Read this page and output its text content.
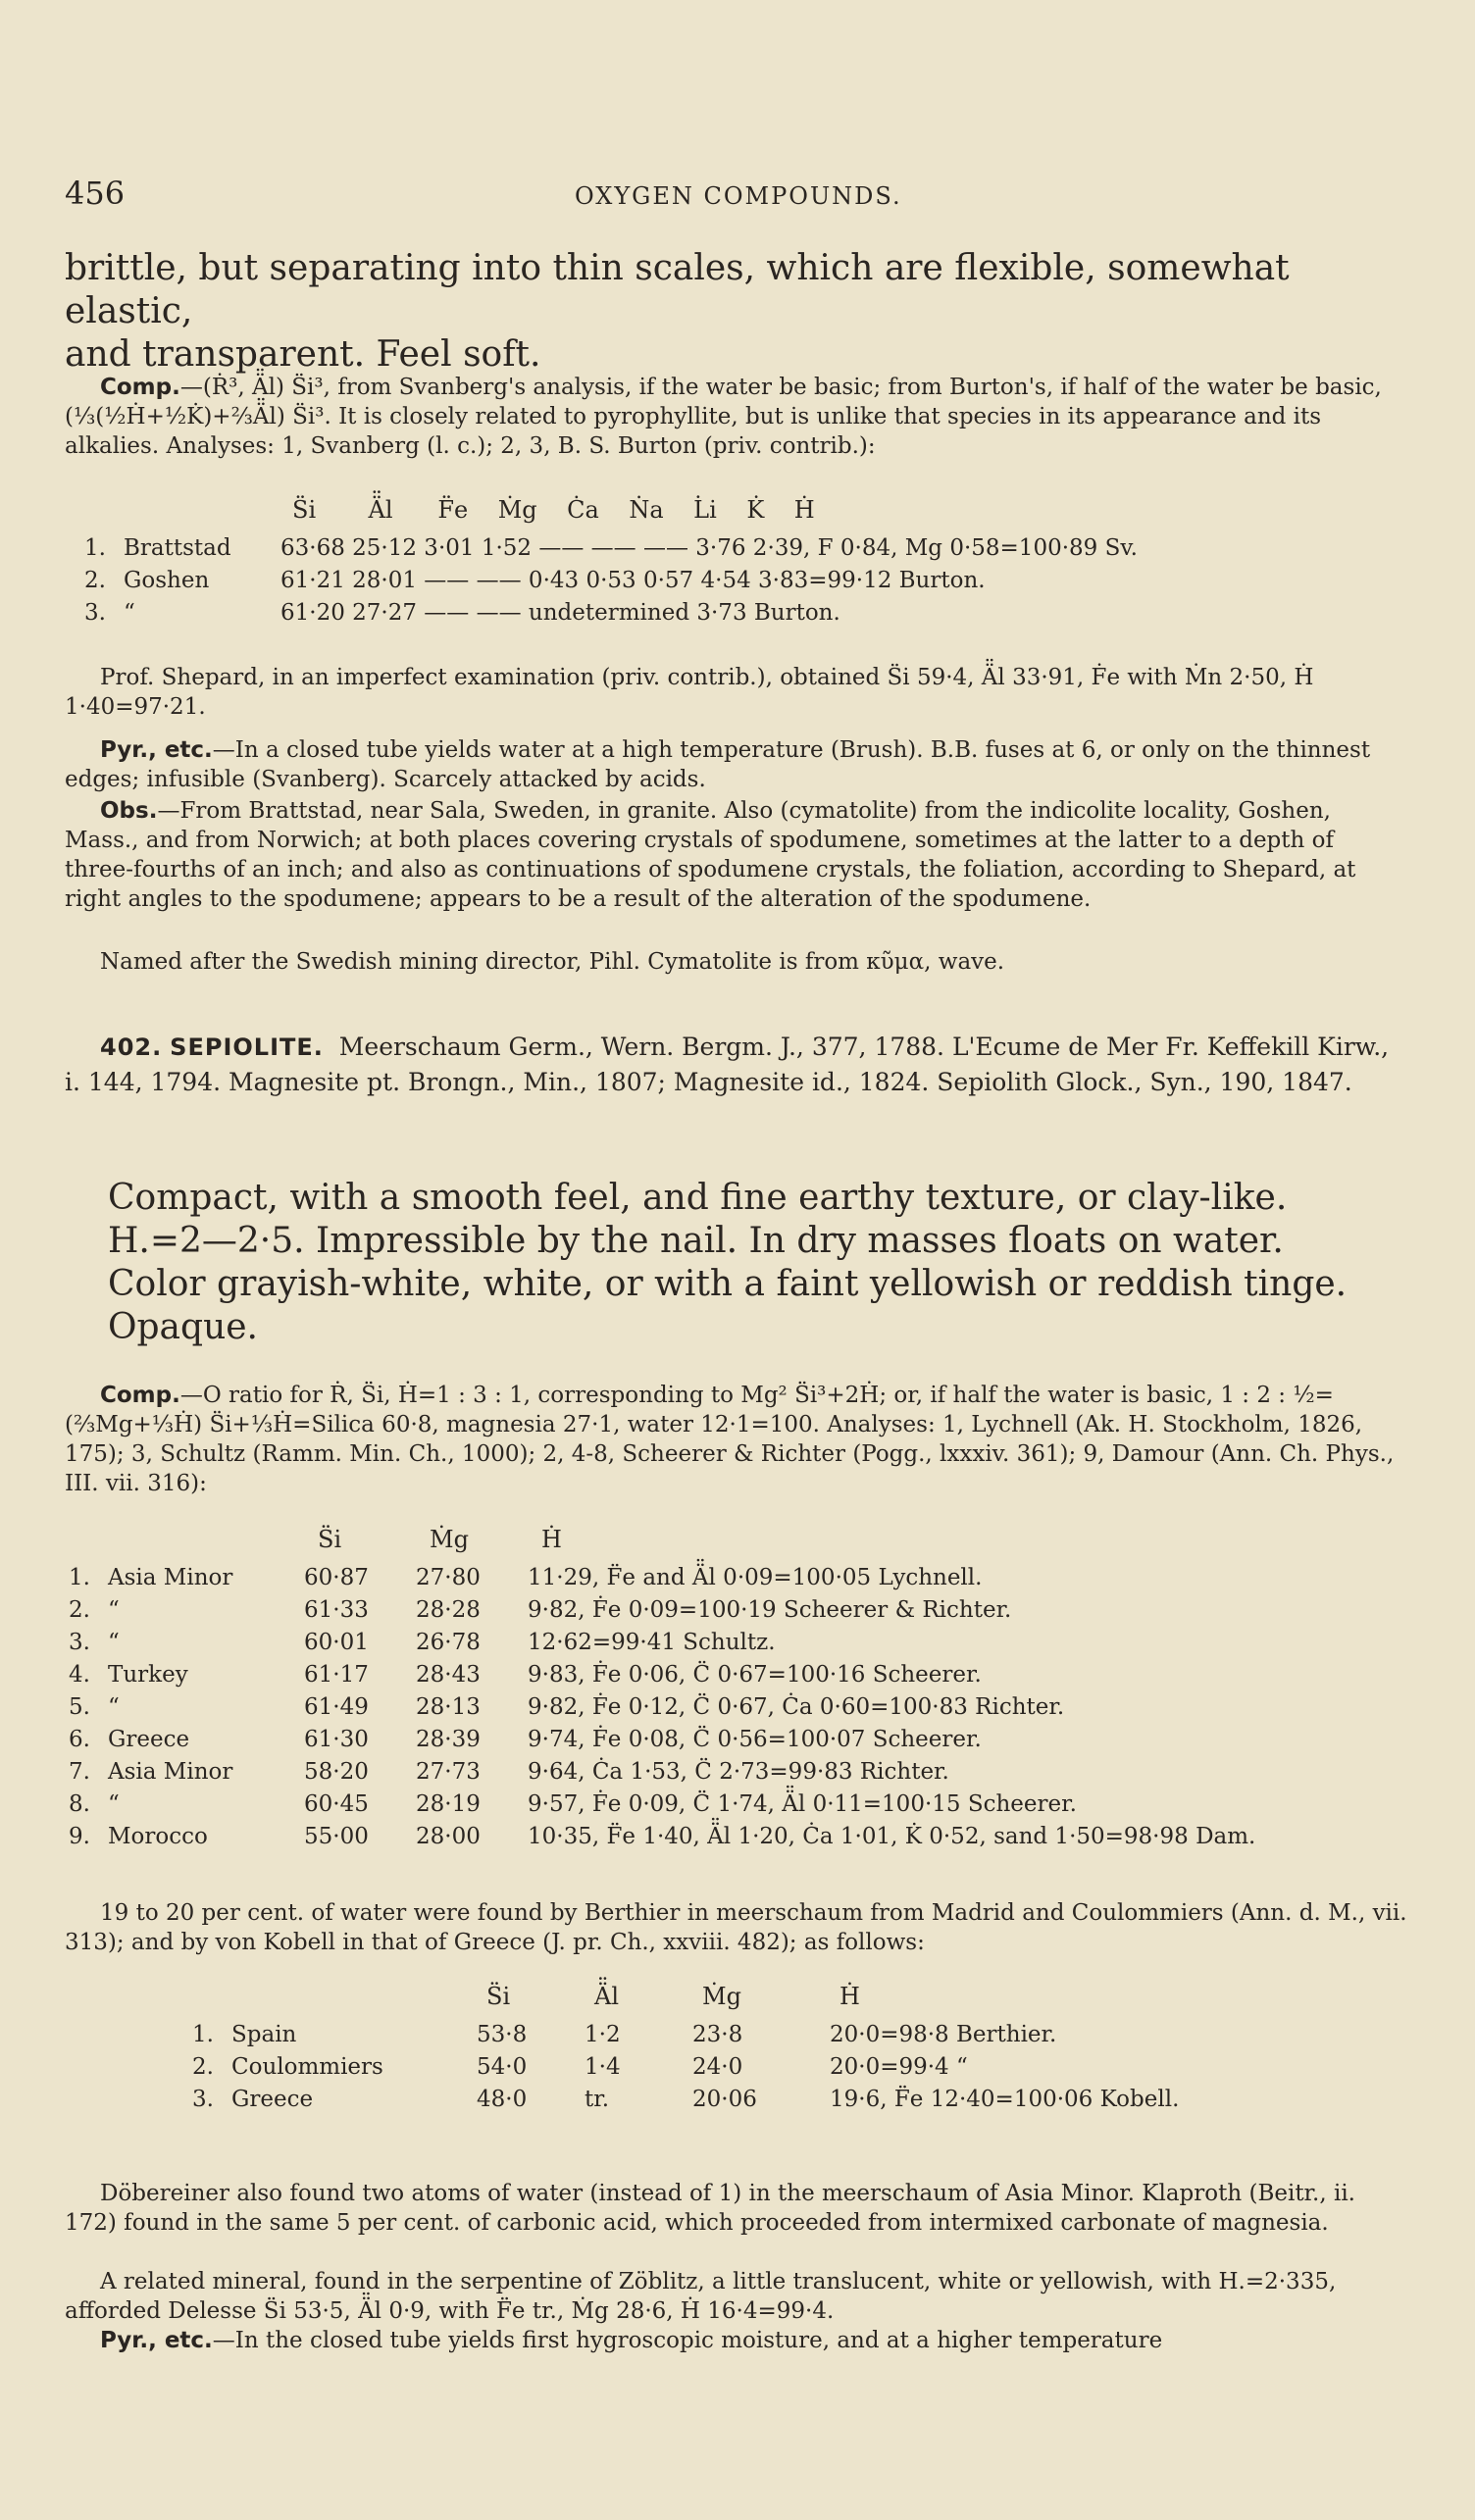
456	OXYGEN COMPOUNDS.
brittle, but separating into thin scales, which are flexible, somewhat elastic,
and transparent. Feel soft.

Comp.—(Ṙ³, Ä̈l) S̈i³, from Svanberg's analysis, if the water be basic; from Burton's, if half of the water be basic, (⅓(½Ḣ+½K̇)+⅔Ä̈l) S̈i³. It is closely related to pyrophyllite, but is unlike that species in its appearance and its alkalies. Analyses: 1, Svanberg (l. c.); 2, 3, B. S. Burton (priv. contrib.):

		S̈i Ä̈l F̈e Ṁg Ċa Ṅa L̇i K̇ Ḣ
1.	Brattstad	63·68 25·12 3·01 1·52 —— —— —— 3·76 2·39, F 0·84, Mg 0·58=100·89 Sv.
2.	Goshen	61·21 28·01 —— —— 0·43 0·53 0·57 4·54 3·83=99·12 Burton.
3.	“	61·20 27·27 —— —— undetermined 3·73 Burton.

Prof. Shepard, in an imperfect examination (priv. contrib.), obtained S̈i 59·4, Ä̈l 33·91, Ḟe with Ṁn 2·50, Ḣ 1·40=97·21.

Pyr., etc.—In a closed tube yields water at a high temperature (Brush). B.B. fuses at 6, or only on the thinnest edges; infusible (Svanberg). Scarcely attacked by acids.

Obs.—From Brattstad, near Sala, Sweden, in granite. Also (cymatolite) from the indicolite locality, Goshen, Mass., and from Norwich; at both places covering crystals of spodumene, sometimes at the latter to a depth of three-fourths of an inch; and also as continuations of spodumene crystals, the foliation, according to Shepard, at right angles to the spodumene; appears to be a result of the alteration of the spodumene.

Named after the Swedish mining director, Pihl. Cymatolite is from κῦμα, wave.

402. SEPIOLITE. Meerschaum Germ., Wern. Bergm. J., 377, 1788. L'Ecume de Mer Fr. Keffekill Kirw., i. 144, 1794. Magnesite pt. Brongn., Min., 1807; Magnesite id., 1824. Sepiolith Glock., Syn., 190, 1847.

Compact, with a smooth feel, and fine earthy texture, or clay-like.
H.=2—2·5. Impressible by the nail. In dry masses floats on water.
Color grayish-white, white, or with a faint yellowish or reddish tinge.
Opaque.

Comp.—O ratio for Ṙ, S̈i, Ḣ=1 : 3 : 1, corresponding to Mg² S̈i³+2Ḣ; or, if half the water is basic, 1 : 2 : ½=(⅔Mg+⅓Ḣ) S̈i+⅓Ḣ=Silica 60·8, magnesia 27·1, water 12·1=100. Analyses: 1, Lychnell (Ak. H. Stockholm, 1826, 175); 3, Schultz (Ramm. Min. Ch., 1000); 2, 4-8, Scheerer & Richter (Pogg., lxxxiv. 361); 9, Damour (Ann. Ch. Phys., III. vii. 316):

		S̈i	Ṁg	Ḣ
1.	Asia Minor	60·87	27·80	11·29, F̈e and Ä̈l 0·09=100·05 Lychnell.
2.	“	61·33	28·28	9·82, Ḟe 0·09=100·19 Scheerer & Richter.
3.	“	60·01	26·78	12·62=99·41 Schultz.
4.	Turkey	61·17	28·43	9·83, Ḟe 0·06, C̈ 0·67=100·16 Scheerer.
5.	“	61·49	28·13	9·82, Ḟe 0·12, C̈ 0·67, Ċa 0·60=100·83 Richter.
6.	Greece	61·30	28·39	9·74, Ḟe 0·08, C̈ 0·56=100·07 Scheerer.
7.	Asia Minor	58·20	27·73	9·64, Ċa 1·53, C̈ 2·73=99·83 Richter.
8.	“	60·45	28·19	9·57, Ḟe 0·09, C̈ 1·74, Ä̈l 0·11=100·15 Scheerer.
9.	Morocco	55·00	28·00	10·35, F̈e 1·40, Ä̈l 1·20, Ċa 1·01, K̇ 0·52, sand 1·50=98·98 Dam.

19 to 20 per cent. of water were found by Berthier in meerschaum from Madrid and Coulommiers (Ann. d. M., vii. 313); and by von Kobell in that of Greece (J. pr. Ch., xxviii. 482); as follows:

		S̈i	Ä̈l	Ṁg	Ḣ
1.	Spain	53·8	1·2	23·8	20·0=98·8 Berthier.
2.	Coulommiers	54·0	1·4	24·0	20·0=99·4 “
3.	Greece	48·0	tr.	20·06	19·6, F̈e 12·40=100·06 Kobell.

Döbereiner also found two atoms of water (instead of 1) in the meerschaum of Asia Minor. Klaproth (Beitr., ii. 172) found in the same 5 per cent. of carbonic acid, which proceeded from intermixed carbonate of magnesia.

A related mineral, found in the serpentine of Zöblitz, a little translucent, white or yellowish, with H.=2·335, afforded Delesse S̈i 53·5, Ä̈l 0·9, with F̈e tr., Ṁg 28·6, Ḣ 16·4=99·4.

Pyr., etc.—In the closed tube yields first hygroscopic moisture, and at a higher temperature
